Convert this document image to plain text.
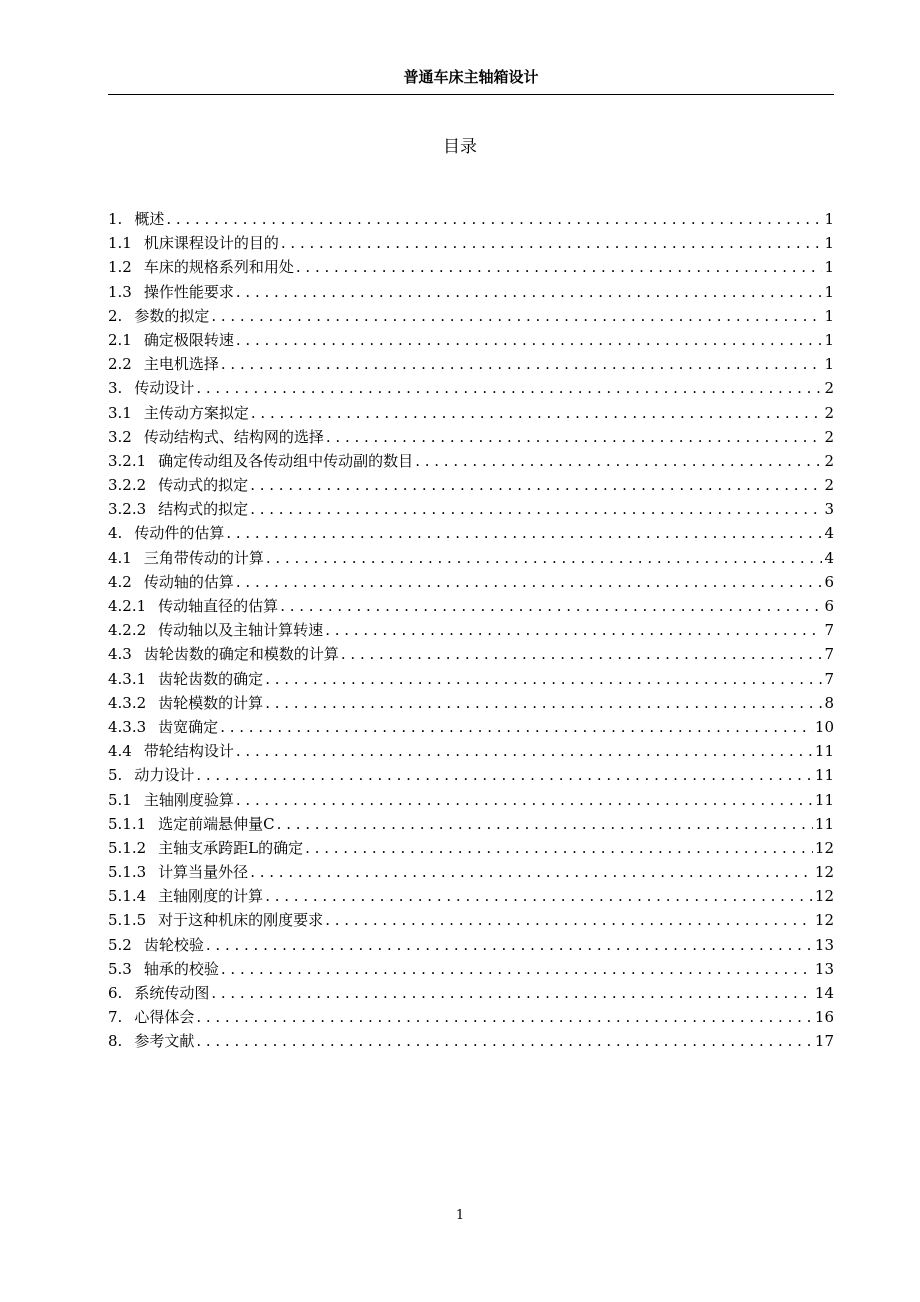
普通车床主轴箱设计
目录
1. 概述 . . .	1
1.1 机床课程设计的目的 . . .	1
1.2 车床的规格系列和用处 . . .	1
1.3 操作性能要求 . . .	1
2. 参数的拟定 . . .	1
2.1 确定极限转速 . . .	1
2.2 主电机选择 . . .	1
3. 传动设计 . . .	2
3.1 主传动方案拟定 . . .	2
3.2 传动结构式、结构网的选择 . . .	2
3.2.1 确定传动组及各传动组中传动副的数目 . . .	2
3.2.2 传动式的拟定 . . .	2
3.2.3 结构式的拟定 . . .	3
4. 传动件的估算 . . .	4
4.1 三角带传动的计算 . . .	4
4.2 传动轴的估算 . . .	6
4.2.1 传动轴直径的估算 . . .	6
4.2.2 传动轴以及主轴计算转速 . . .	7
4.3 齿轮齿数的确定和模数的计算 . . .	7
4.3.1 齿轮齿数的确定 . . .	7
4.3.2 齿轮模数的计算 . . .	8
4.3.3 齿宽确定 . . .	10
4.4 带轮结构设计 . . .	11
5. 动力设计 . . .	11
5.1 主轴刚度验算 . . .	11
5.1.1 选定前端悬伸量C . . .	11
5.1.2 主轴支承跨距L的确定 . . .	12
5.1.3 计算当量外径 . . .	12
5.1.4 主轴刚度的计算 . . .	12
5.1.5 对于这种机床的刚度要求 . . .	12
5.2 齿轮校验 . . .	13
5.3 轴承的校验 . . .	13
6. 系统传动图 . . .	14
7. 心得体会 . . .	16
8. 参考文献 . . .	17
1
